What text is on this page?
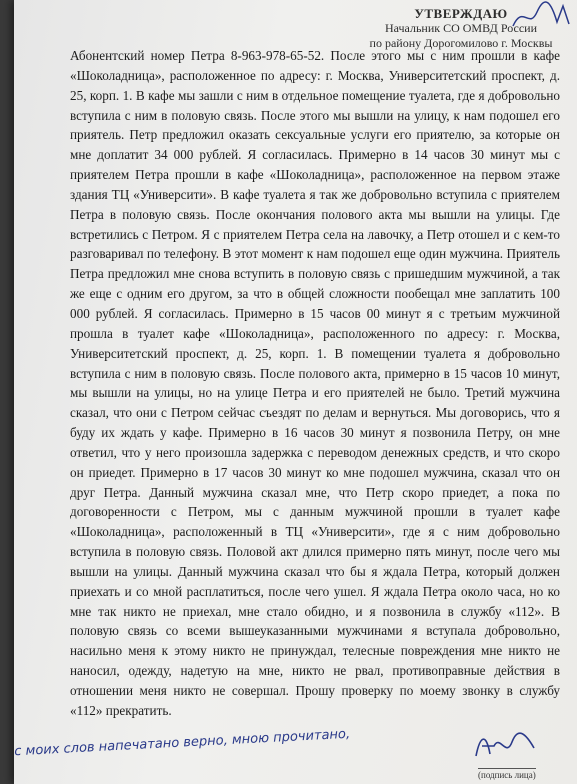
УТВЕРЖДАЮ
Начальник СО ОМВД России
по району Дорогомилово г. Москвы

Абонентский номер Петра 8-963-978-65-52. После этого мы с ним прошли в кафе «Шоколадница», расположенное по адресу: г. Москва, Университетский проспект, д. 25, корп. 1. В кафе мы зашли с ним в отдельное помещение туалета, где я добровольно вступила с ним в половую связь. После этого мы вышли на улицу, к нам подошел его приятель. Петр предложил оказать сексуальные услуги его приятелю, за которые он мне доплатит 34 000 рублей. Я согласилась. Примерно в 14 часов 30 минут мы с приятелем Петра прошли в кафе «Шоколадница», расположенное на первом этаже здания ТЦ «Университи». В кафе туалета я так же добровольно вступила с приятелем Петра в половую связь. После окончания полового акта мы вышли на улицы. Где встретились с Петром. Я с приятелем Петра села на лавочку, а Петр отошел и с кем-то разговаривал по телефону. В этот момент к нам подошел еще один мужчина. Приятель Петра предложил мне снова вступить в половую связь с пришедшим мужчиной, а так же еще с одним его другом, за что в общей сложности пообещал мне заплатить 100 000 рублей. Я согласилась. Примерно в 15 часов 00 минут я с третьим мужчиной прошла в туалет кафе «Шоколадница», расположенного по адресу: г. Москва, Университетский проспект, д. 25, корп. 1. В помещении туалета я добровольно вступила с ним в половую связь. После полового акта, примерно в 15 часов 10 минут, мы вышли на улицы, но на улице Петра и его приятелей не было. Третий мужчина сказал, что они с Петром сейчас съездят по делам и вернуться. Мы договорись, что я буду их ждать у кафе. Примерно в 16 часов 30 минут я позвонила Петру, он мне ответил, что у него произошла задержка с переводом денежных средств, и что скоро он приедет. Примерно в 17 часов 30 минут ко мне подошел мужчина, сказал что он друг Петра. Данный мужчина сказал мне, что Петр скоро приедет, а пока по договоренности с Петром, мы с данным мужчиной прошли в туалет кафе «Шоколадница», расположенный в ТЦ «Университи», где я с ним добровольно вступила в половую связь. Половой акт длился примерно пять минут, после чего мы вышли на улицы. Данный мужчина сказал что бы я ждала Петра, который должен приехать и со мной расплатиться, после чего ушел. Я ждала Петра около часа, но ко мне так никто не приехал, мне стало обидно, и я позвонила в службу «112». В половую связь со всеми вышеуказанными мужчинами я вступала добровольно, насильно меня к этому никто не принуждал, телесные повреждения мне никто не наносил, одежду, надетую на мне, никто не рвал, противоправные действия в отношении меня никто не совершал. Прошу проверку по моему звонку в службу «112» прекратить.

с моих слов напечатано верно, мною прочитано,
(подпись лица)
